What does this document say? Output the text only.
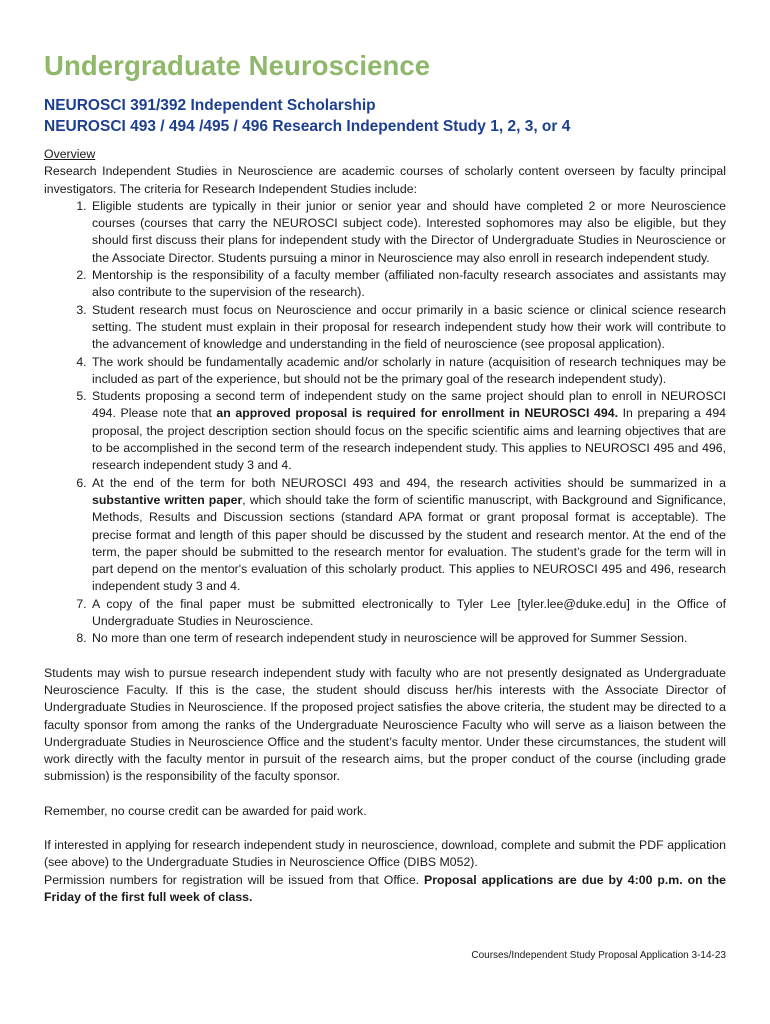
Undergraduate Neuroscience

NEUROSCI 391/392 Independent Scholarship

NEUROSCI 493 / 494 /495 / 496 Research Independent Study 1, 2, 3, or 4

Overview

Research Independent Studies in Neuroscience are academic courses of scholarly content overseen by faculty principal investigators. The criteria for Research Independent Studies include:

1. Eligible students are typically in their junior or senior year and should have completed 2 or more Neuroscience courses (courses that carry the NEUROSCI subject code). Interested sophomores may also be eligible, but they should first discuss their plans for independent study with the Director of Undergraduate Studies in Neuroscience or the Associate Director. Students pursuing a minor in Neuroscience may also enroll in research independent study.
2. Mentorship is the responsibility of a faculty member (affiliated non-faculty research associates and assistants may also contribute to the supervision of the research).
3. Student research must focus on Neuroscience and occur primarily in a basic science or clinical science research setting. The student must explain in their proposal for research independent study how their work will contribute to the advancement of knowledge and understanding in the field of neuroscience (see proposal application).
4. The work should be fundamentally academic and/or scholarly in nature (acquisition of research techniques may be included as part of the experience, but should not be the primary goal of the research independent study).
5. Students proposing a second term of independent study on the same project should plan to enroll in NEUROSCI 494. Please note that an approved proposal is required for enrollment in NEUROSCI 494. In preparing a 494 proposal, the project description section should focus on the specific scientific aims and learning objectives that are to be accomplished in the second term of the research independent study. This applies to NEUROSCI 495 and 496, research independent study 3 and 4.
6. At the end of the term for both NEUROSCI 493 and 494, the research activities should be summarized in a substantive written paper, which should take the form of scientific manuscript, with Background and Significance, Methods, Results and Discussion sections (standard APA format or grant proposal format is acceptable). The precise format and length of this paper should be discussed by the student and research mentor. At the end of the term, the paper should be submitted to the research mentor for evaluation. The student’s grade for the term will in part depend on the mentor's evaluation of this scholarly product. This applies to NEUROSCI 495 and 496, research independent study 3 and 4.
7. A copy of the final paper must be submitted electronically to Tyler Lee [tyler.lee@duke.edu] in the Office of Undergraduate Studies in Neuroscience.
8. No more than one term of research independent study in neuroscience will be approved for Summer Session.

Students may wish to pursue research independent study with faculty who are not presently designated as Undergraduate Neuroscience Faculty. If this is the case, the student should discuss her/his interests with the Associate Director of Undergraduate Studies in Neuroscience. If the proposed project satisfies the above criteria, the student may be directed to a faculty sponsor from among the ranks of the Undergraduate Neuroscience Faculty who will serve as a liaison between the Undergraduate Studies in Neuroscience Office and the student’s faculty mentor. Under these circumstances, the student will work directly with the faculty mentor in pursuit of the research aims, but the proper conduct of the course (including grade submission) is the responsibility of the faculty sponsor.

Remember, no course credit can be awarded for paid work.

If interested in applying for research independent study in neuroscience, download, complete and submit the PDF application (see above) to the Undergraduate Studies in Neuroscience Office (DIBS M052).

Permission numbers for registration will be issued from that Office. Proposal applications are due by 4:00 p.m. on the Friday of the first full week of class.

Courses/Independent Study Proposal Application 3-14-23
